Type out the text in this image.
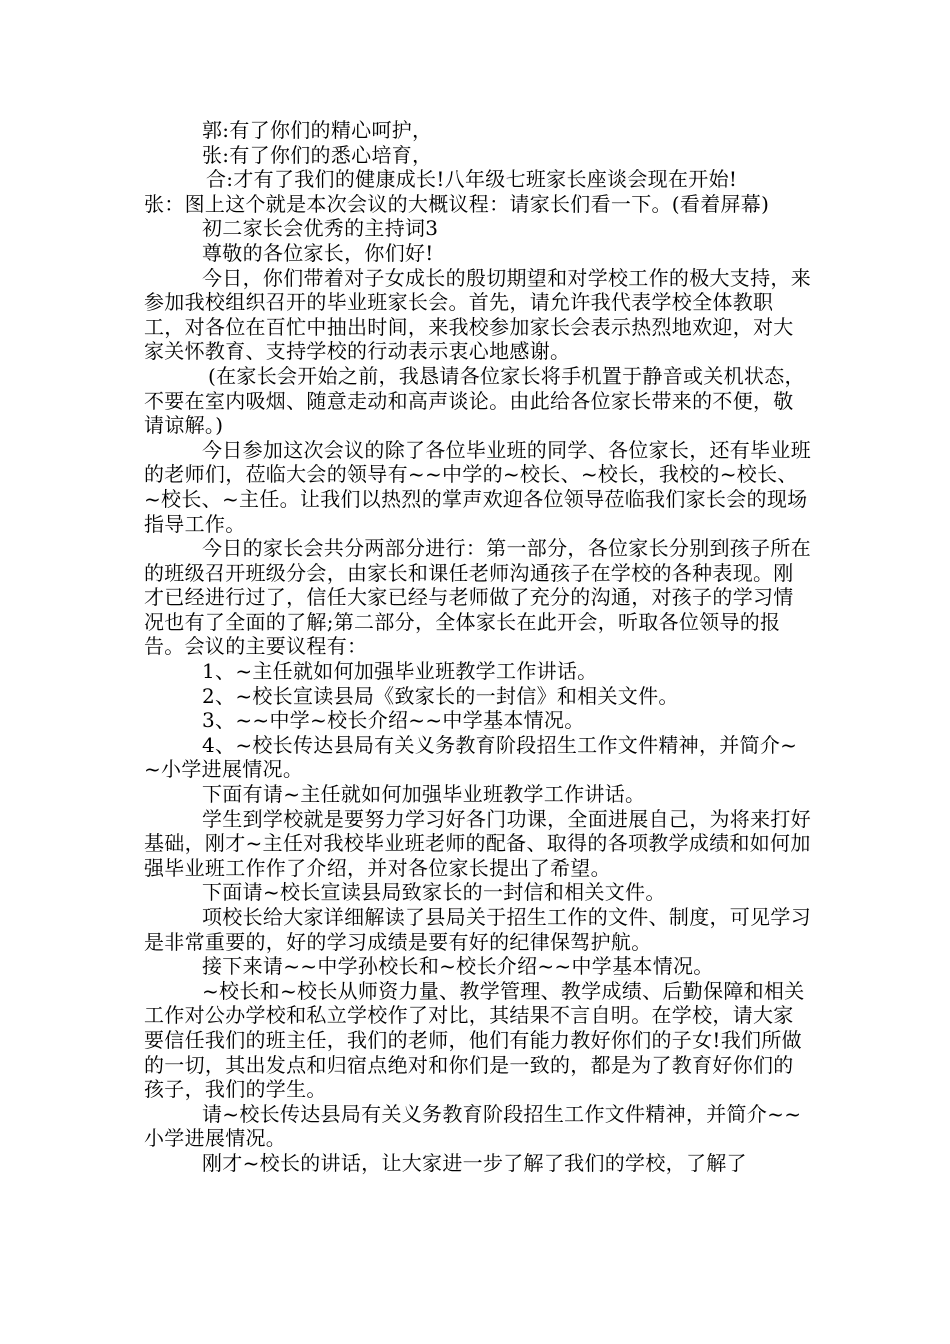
郭:有了你们的精心呵护，

张:有了你们的悉心培育，

合:才有了我们的健康成长!八年级七班家长座谈会现在开始!

张：图上这个就是本次会议的大概议程：请家长们看一下。(看着屏幕)

初二家长会优秀的主持词3

尊敬的各位家长，你们好!

今日，你们带着对子女成长的殷切期望和对学校工作的极大支持，来参加我校组织召开的毕业班家长会。首先，请允许我代表学校全体教职工，对各位在百忙中抽出时间，来我校参加家长会表示热烈地欢迎，对大家关怀教育、支持学校的行动表示衷心地感谢。

(在家长会开始之前，我恳请各位家长将手机置于静音或关机状态，不要在室内吸烟、随意走动和高声谈论。由此给各位家长带来的不便，敬请谅解。)

今日参加这次会议的除了各位毕业班的同学、各位家长，还有毕业班的老师们，莅临大会的领导有~~中学的~校长、~校长，我校的~校长、~校长、~主任。让我们以热烈的掌声欢迎各位领导莅临我们家长会的现场指导工作。

今日的家长会共分两部分进行：第一部分，各位家长分别到孩子所在的班级召开班级分会，由家长和课任老师沟通孩子在学校的各种表现。刚才已经进行过了，信任大家已经与老师做了充分的沟通，对孩子的学习情况也有了全面的了解;第二部分，全体家长在此开会，听取各位领导的报告。会议的主要议程有：

1、~主任就如何加强毕业班教学工作讲话。

2、~校长宣读县局《致家长的一封信》和相关文件。

3、~~中学~校长介绍~~中学基本情况。

4、~校长传达县局有关义务教育阶段招生工作文件精神，并简介~~小学进展情况。

下面有请~主任就如何加强毕业班教学工作讲话。

学生到学校就是要努力学习好各门功课，全面进展自己，为将来打好基础，刚才~主任对我校毕业班老师的配备、取得的各项教学成绩和如何加强毕业班工作作了介绍，并对各位家长提出了希望。

下面请~校长宣读县局致家长的一封信和相关文件。

项校长给大家详细解读了县局关于招生工作的文件、制度，可见学习是非常重要的，好的学习成绩是要有好的纪律保驾护航。

接下来请~~中学孙校长和~校长介绍~~中学基本情况。

~校长和~校长从师资力量、教学管理、教学成绩、后勤保障和相关工作对公办学校和私立学校作了对比，其结果不言自明。在学校，请大家要信任我们的班主任，我们的老师，他们有能力教好你们的子女!我们所做的一切，其出发点和归宿点绝对和你们是一致的，都是为了教育好你们的孩子，我们的学生。

请~校长传达县局有关义务教育阶段招生工作文件精神，并简介~~小学进展情况。

刚才~校长的讲话，让大家进一步了解了我们的学校，了解了
